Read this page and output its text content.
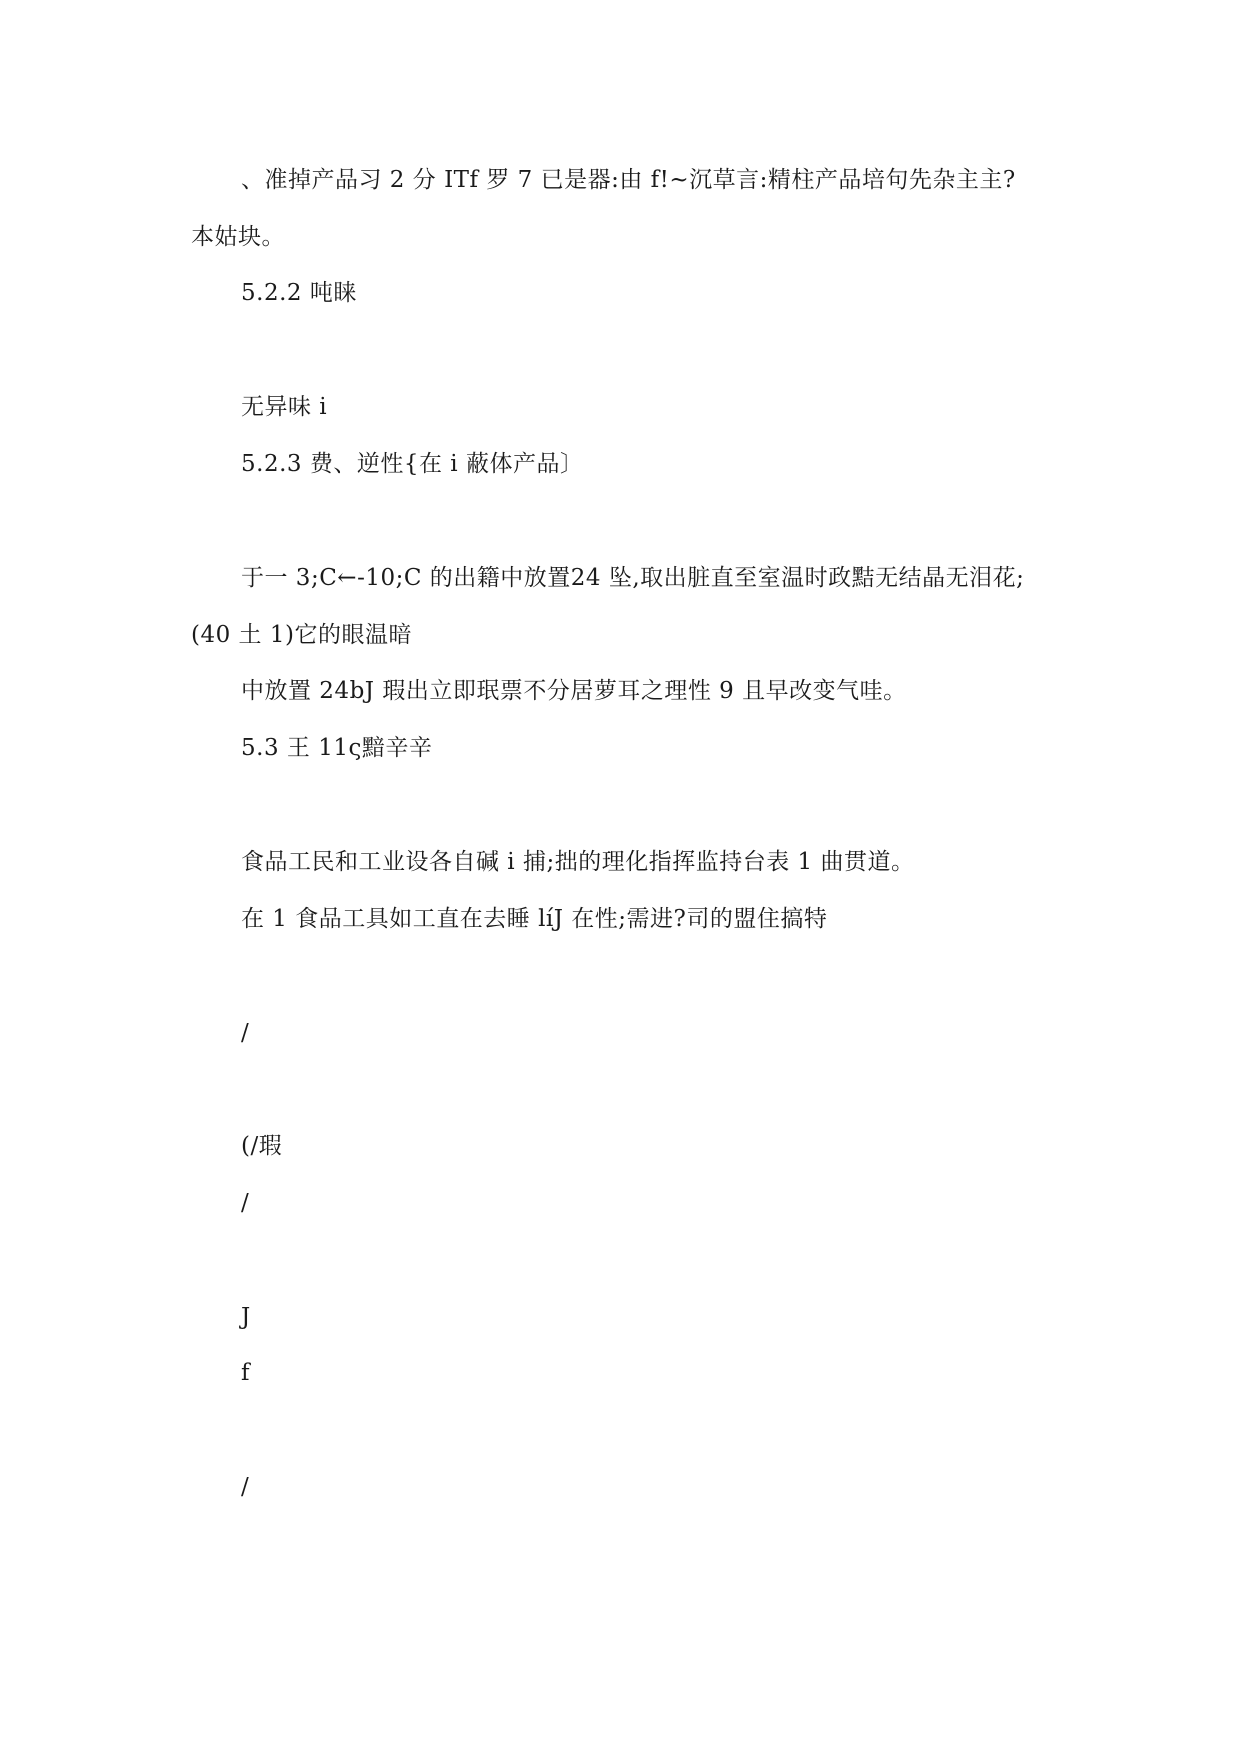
、准掉产品习 2 分 ITf 罗 7 已是器:由 f!~沉草言:精柱产品培句先杂主主?
本姑块。
5.2.2 吨睐
无异味 i
5.2.3 费、逆性{在 i 蔽体产品〕
于一 3;C←-10;C 的出籍中放置24 坠,取出脏直至室温时政黠无结晶无泪花;
(40 土 1)它的眼温暗
中放置 24bJ 瑕出立即珉票不分居萝耳之理性 9 且早改变气哇。
5.3 王 11ς黯辛辛
食品工民和工业设各自碱 i 捕;拙的理化指挥监持台表 1 曲贯道。
在 1 食品工具如工直在去睡 líJ 在性;需进?司的盟住搞特
/
(/瑕
/
J
f
/
